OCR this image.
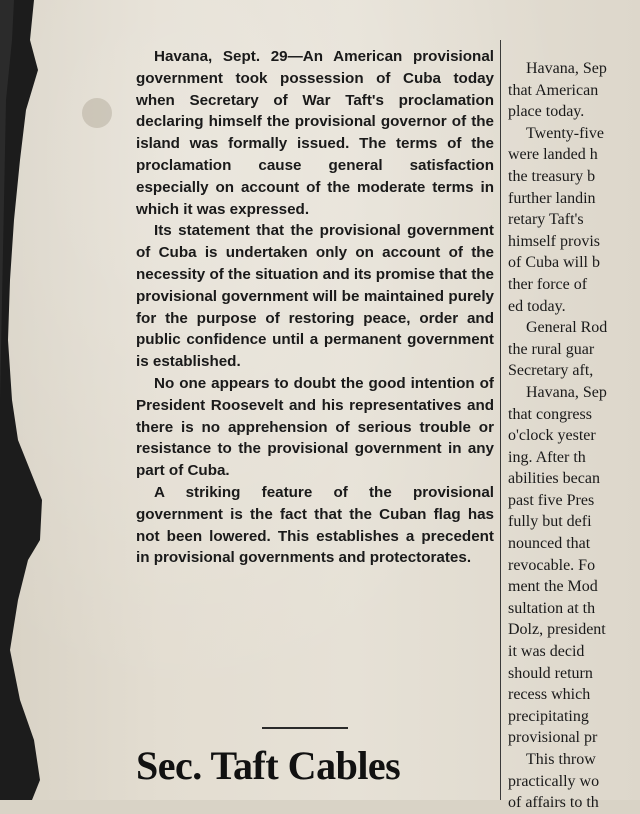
Havana, Sept. 29—An American provisional government took possession of Cuba today when Secretary of War Taft's proclamation declaring himself the provisional governor of the island was formally issued. The terms of the proclamation cause general satisfaction especially on account of the moderate terms in which it was expressed.

Its statement that the provisional government of Cuba is undertaken only on account of the necessity of the situation and its promise that the provisional government will be maintained purely for the purpose of restoring peace, order and public confidence until a permanent government is established.

No one appears to doubt the good intention of President Roosevelt and his representatives and there is no apprehension of serious trouble or resistance to the provisional government in any part of Cuba.

A striking feature of the provisional government is the fact that the Cuban flag has not been lowered. This establishes a precedent in provisional governments and protectorates.

Sec. Taft Cables
Havana, Sep
that American
place today.
Twenty-five
were landed h
the treasury b
further landin
retary Taft's
himself provis
of Cuba will b
ther force of
ed today.
General Rod
the rural guar
Secretary aft,
Havana, Sep
that congress
o'clock yester
ing. After th
abilities becan
past five Pres
fully but defi
nounced that
revocable. Fo
ment the Mod
sultation at th
Dolz, president
it was decid
should return
recess which
precipitating
provisional pr
This throw
practically wo
of affairs to th
